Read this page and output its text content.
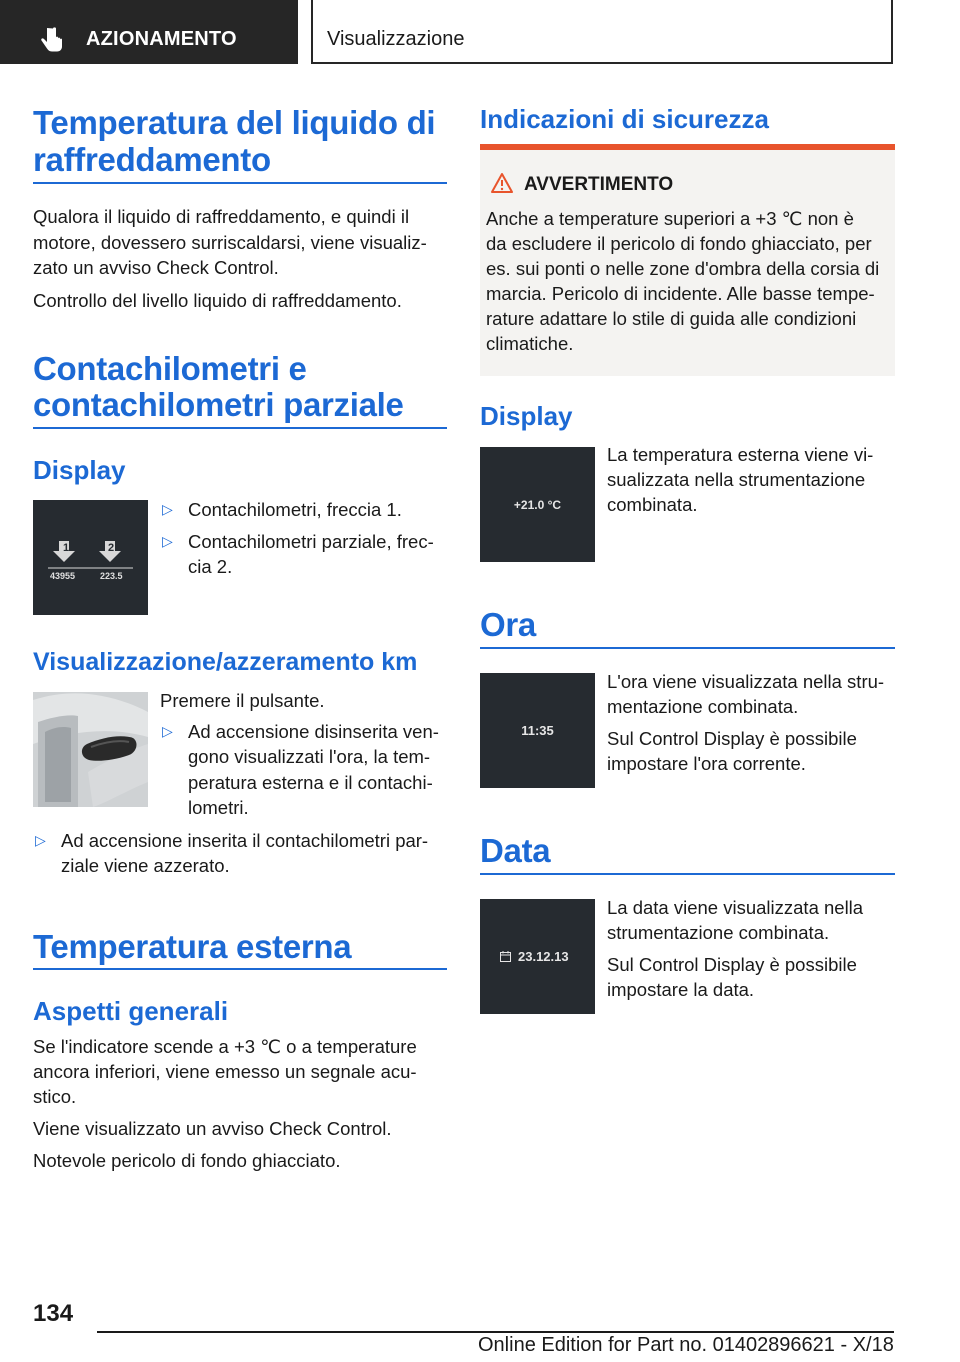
AZIONAMENTO	Visualizzazione
Temperatura del liquido di
raffreddamento

Qualora il liquido di raffreddamento, e quindi il

motore, dovessero surriscaldarsi, viene visualiz-

zato un avviso Check Control.

Controllo del livello liquido di raffreddamento.

Contachilometri e
contachilometri parziale
Display
1	2
43955	223.5
▷ Contachilometri, freccia 1.

▷ Contachilometri parziale, frec-

cia 2.

Visualizzazione/azzeramento km

Premere il pulsante.

▷ Ad accensione disinserita ven-

gono visualizzati l'ora, la tem-

peratura esterna e il contachi-

lometri.

▷ Ad accensione inserita il contachilometri par-

ziale viene azzerato.

Temperatura esterna
Aspetti generali

Se l'indicatore scende a +3 ℃ o a temperature

ancora inferiori, viene emesso un segnale acu-

stico.

Viene visualizzato un avviso Check Control.

Notevole pericolo di fondo ghiacciato.

Indicazioni di sicurezza
AVVERTIMENTO

Anche a temperature superiori a +3 ℃ non è

da escludere il pericolo di fondo ghiacciato, per

es. sui ponti o nelle zone d'ombra della corsia di

marcia. Pericolo di incidente. Alle basse tempe-

rature adattare lo stile di guida alle condizioni

climatiche.

Display
+21.0 °C

La temperatura esterna viene vi-

sualizzata nella strumentazione

combinata.

Ora
11:35

L'ora viene visualizzata nella stru-

mentazione combinata.

Sul Control Display è possibile

impostare l'ora corrente.

Data
23.12.13

La data viene visualizzata nella

strumentazione combinata.

Sul Control Display è possibile

impostare la data.

134
Online Edition for Part no. 01402896621 - X/18
